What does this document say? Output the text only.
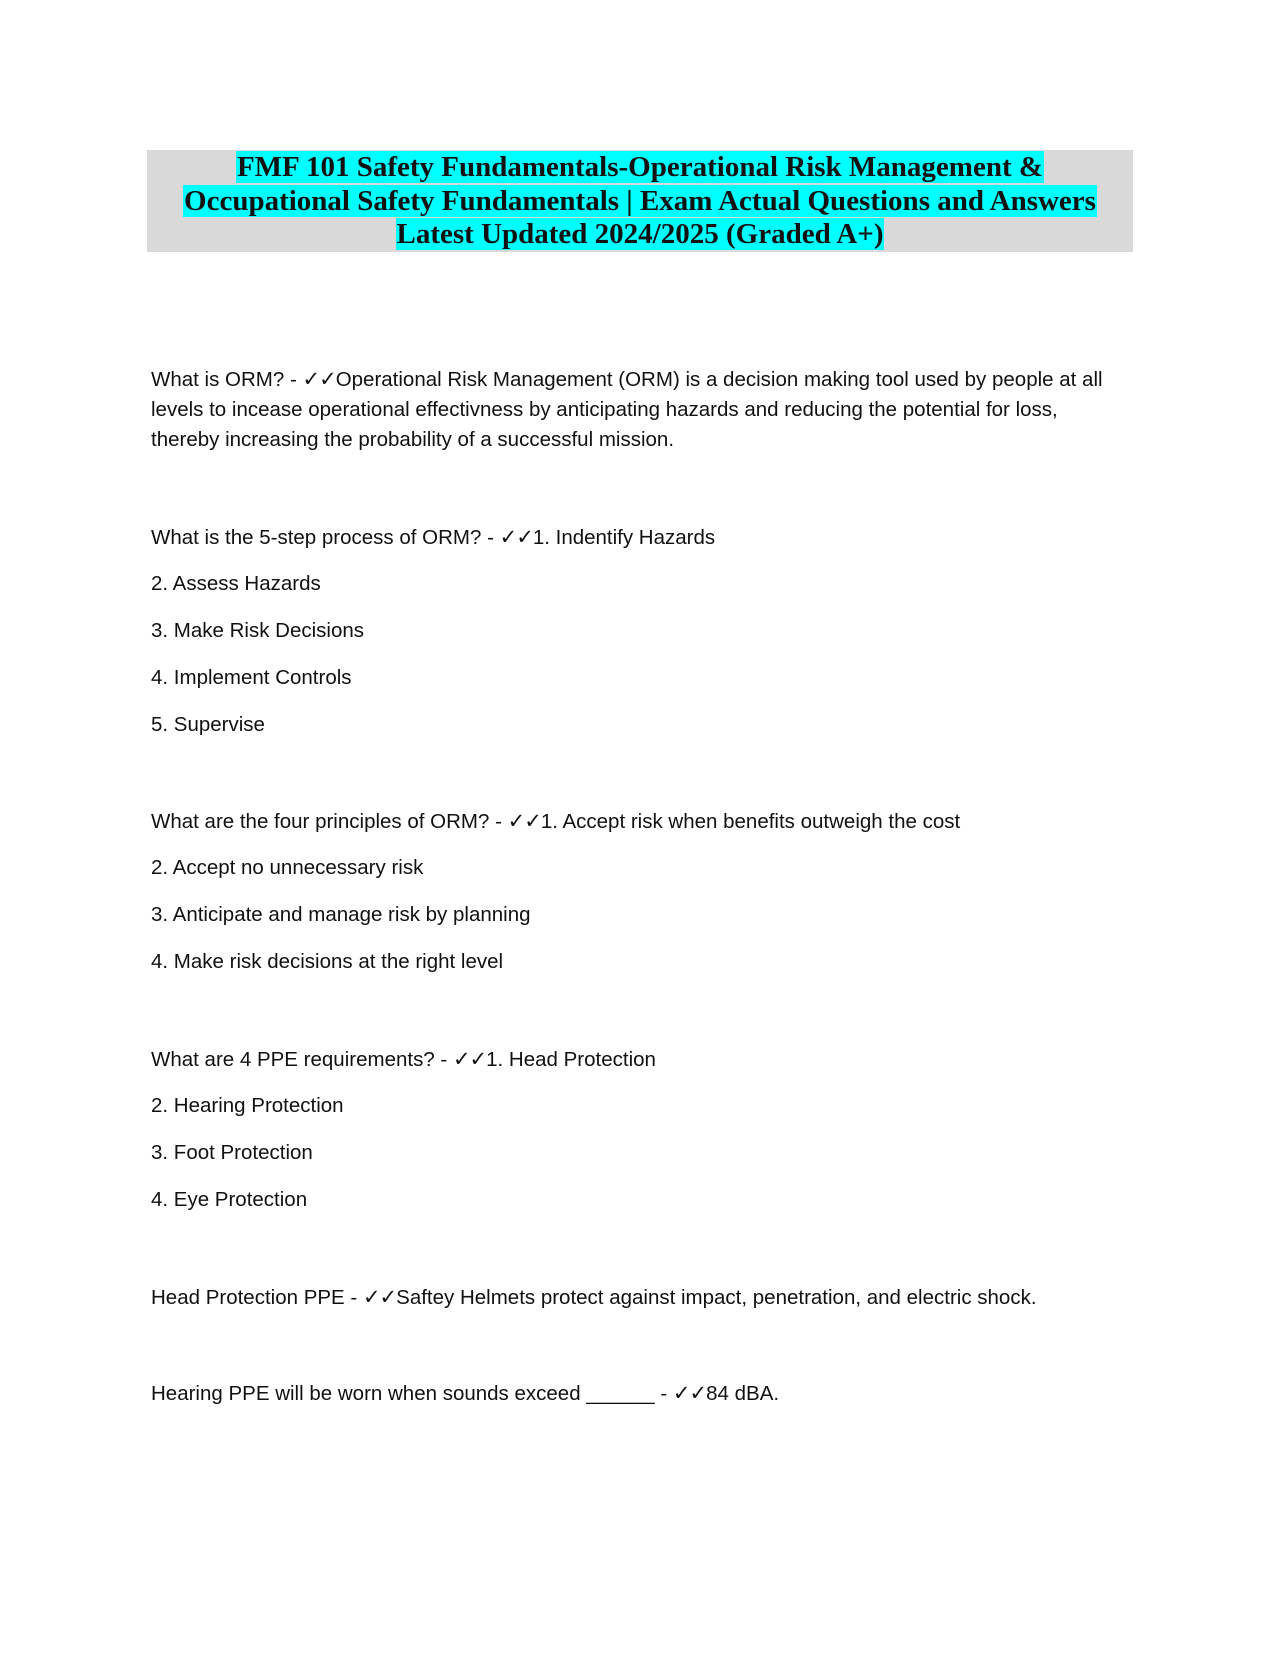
FMF 101 Safety Fundamentals-Operational Risk Management &
Occupational Safety Fundamentals | Exam Actual Questions and Answers
Latest Updated 2024/2025 (Graded A+)
What is ORM? - ✓✓Operational Risk Management (ORM) is a decision making tool used by people at all
levels to incease operational effectivness by anticipating hazards and reducing the potential for loss,
thereby increasing the probability of a successful mission.
What is the 5-step process of ORM? - ✓✓1. Indentify Hazards
2. Assess Hazards
3. Make Risk Decisions
4. Implement Controls
5. Supervise
What are the four principles of ORM? - ✓✓1. Accept risk when benefits outweigh the cost
2. Accept no unnecessary risk
3. Anticipate and manage risk by planning
4. Make risk decisions at the right level
What are 4 PPE requirements? - ✓✓1. Head Protection
2. Hearing Protection
3. Foot Protection
4. Eye Protection
Head Protection PPE - ✓✓Saftey Helmets protect against impact, penetration, and electric shock.
Hearing PPE will be worn when sounds exceed ______ - ✓✓84 dBA.
